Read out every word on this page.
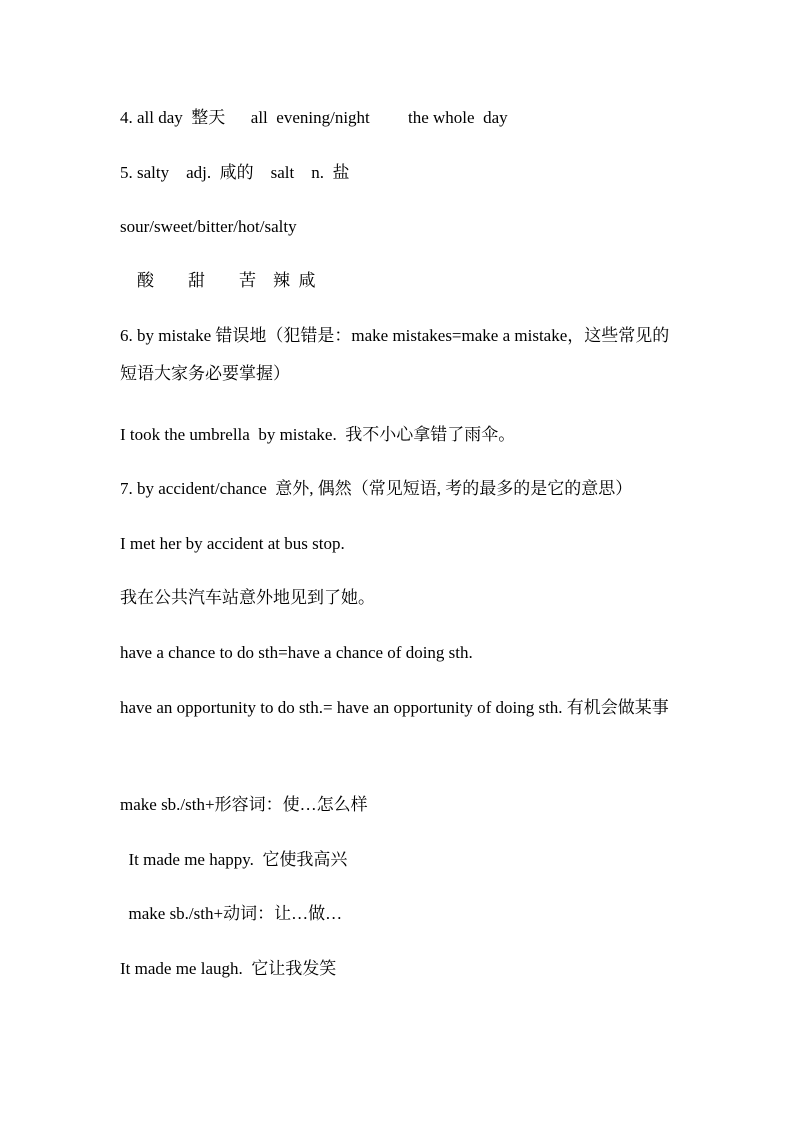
4. all day  整天      all  evening/night         the whole  day

5. salty    adj.  咸的    salt    n.  盐

sour/sweet/bitter/hot/salty

酸        甜        苦    辣  咸

6. by mistake 错误地（犯错是：make mistakes=make a mistake，这些常见的短语大家务必要掌握）

I took the umbrella  by mistake.  我不小心拿错了雨伞。

7. by accident/chance  意外, 偶然（常见短语, 考的最多的是它的意思）

I met her by accident at bus stop.

我在公共汽车站意外地见到了她。

have a chance to do sth=have a chance of doing sth.

have an opportunity to do sth.= have an opportunity of doing sth. 有机会做某事

make sb./sth+形容词：使…怎么样

It made me happy.  它使我高兴

make sb./sth+动词：让…做…

It made me laugh.  它让我发笑
